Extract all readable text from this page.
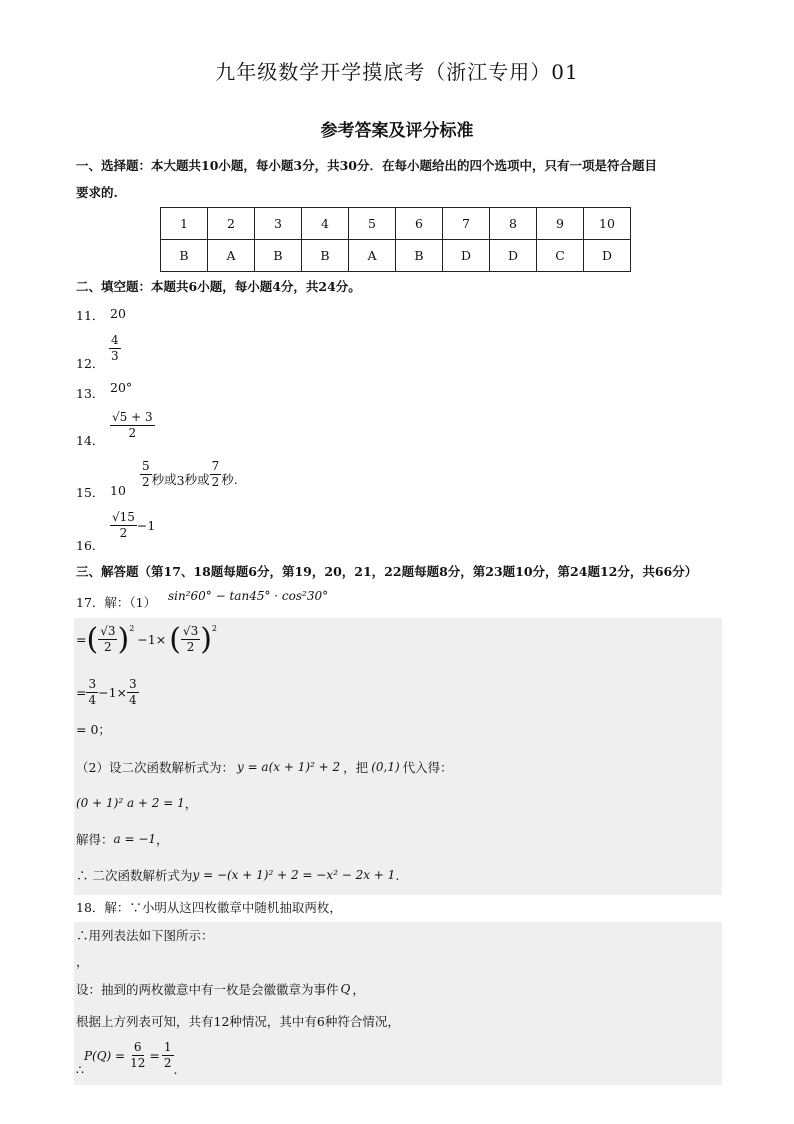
九年级数学开学摸底考（浙江专用）01
参考答案及评分标准
一、选择题：本大题共10小题，每小题3分，共30分．在每小题给出的四个选项中，只有一项是符合题目
要求的.
1	2	3	4	5	6	7	8	9	10
B	A	B	B	A	B	D	D	C	D
二、填空题：本题共6小题，每小题4分，共24分。
11． 20
12． $\frac{4}{3}$
13． 20°
14． $\frac{√5 + 3}{2}$
15． 10
$\frac{5}{2}$ 秒或 3 秒或 $\frac{7}{2}$ 秒.
16．
$\frac{√15}{2} -1$
三、解答题（第17、18题每题6分，第19，20，21，22题每题8分，第23题10分，第24题12分，共66分）
17．解：（1） sin²60° − tan45° · cos²30°
= ( $\frac{√3}{2} )^2$
−1× ( $\frac{√3}{2} )^2$
= $\frac{3}{4} -1\times \frac{3}{4}$
= 0；
（2）设二次函数解析式为： y = a(x + 1)² + 2 ，把 (0,1) 代入得：
(0 + 1)² a + 2 = 1 ，
解得： a = −1 ，
∴ 二次函数解析式为 y = −(x + 1)² + 2 = −x² − 2x + 1 .
18．解：∵小明从这四枚徽章中随机抽取两枚，
∴用列表法如下图所示：
，
设：抽到的两枚徽意中有一枚是会徽徽章为事件 Q ，
根据上方列表可知，共有12种情况，其中有6种符合情况，
∴
$P(Q) = \frac{6}{12} = \frac{1}{2}$ .
